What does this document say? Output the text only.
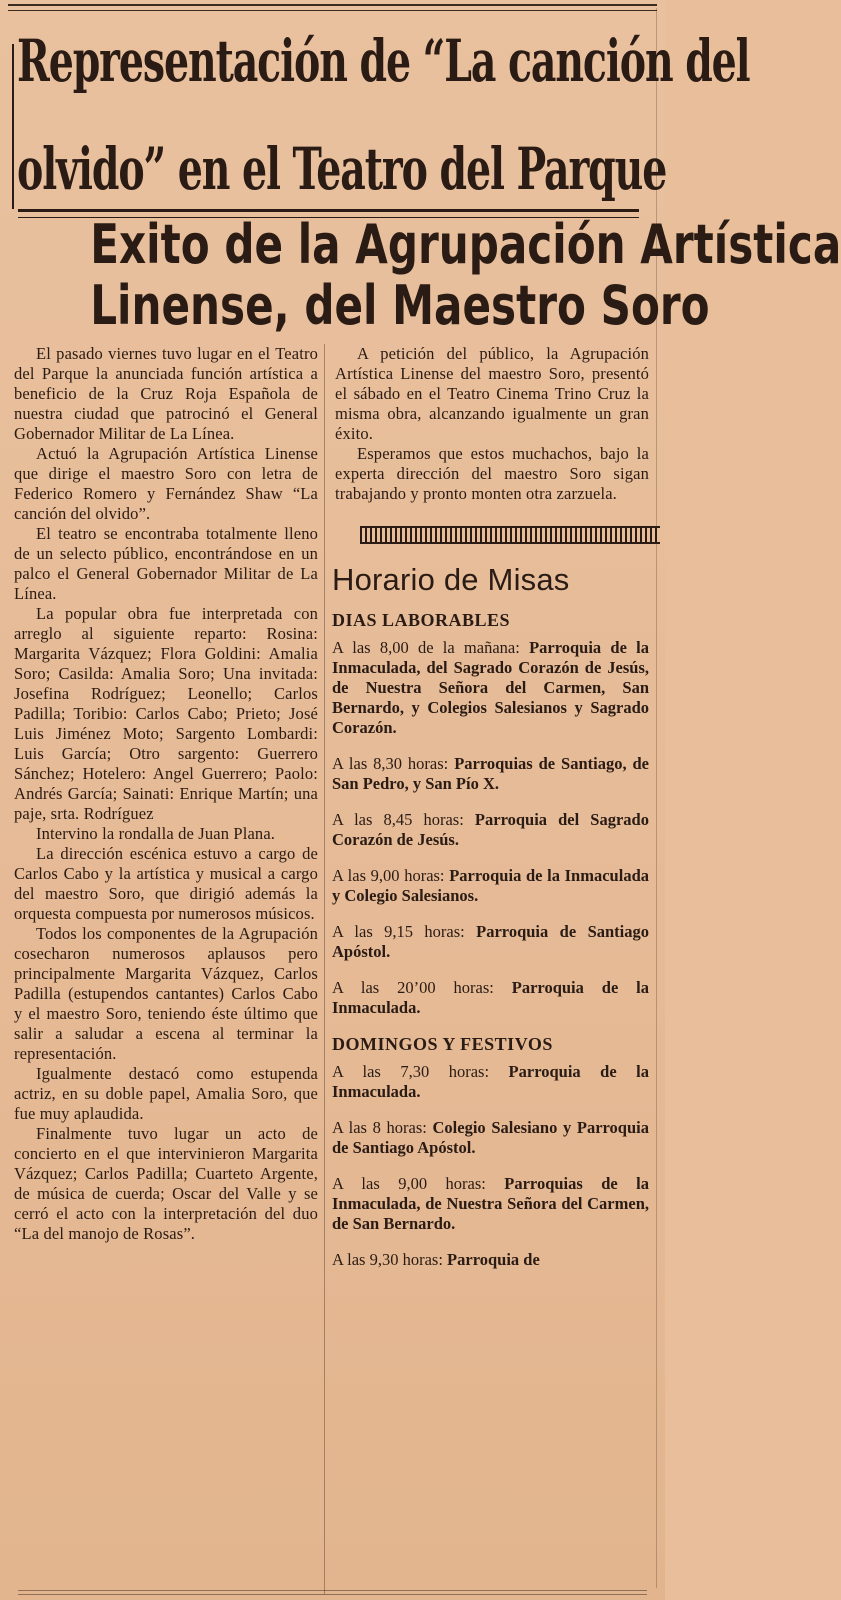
Representación de “La canción del
olvido” en el Teatro del Parque
Exito de la Agrupación Artística
Linense, del Maestro Soro

El pasado viernes tuvo lugar en el Teatro del Parque la anunciada función artística a beneficio de la Cruz Roja Española de nuestra ciudad que patrocinó el General Gobernador Militar de La Línea.

Actuó la Agrupación Artística Linense que dirige el maestro Soro con letra de Federico Romero y Fernández Shaw “La canción del olvido”.

El teatro se encontraba totalmente lleno de un selecto público, encontrándose en un palco el General Gobernador Militar de La Línea.

La popular obra fue interpretada con arreglo al siguiente reparto: Rosina: Margarita Vázquez; Flora Goldini: Amalia Soro; Casilda: Amalia Soro; Una invitada: Josefina Rodríguez; Leonello; Carlos Padilla; Toribio: Carlos Cabo; Prieto; José Luis Jiménez Moto; Sargento Lombardi: Luis García; Otro sargento: Guerrero Sánchez; Hotelero: Angel Guerrero; Paolo: Andrés García; Sainati: Enrique Martín; una paje, srta. Rodríguez

Intervino la rondalla de Juan Plana.

La dirección escénica estuvo a cargo de Carlos Cabo y la artística y musical a cargo del maestro Soro, que dirigió además la orquesta compuesta por numerosos músicos.

Todos los componentes de la Agrupación cosecharon numerosos aplausos pero principalmente Margarita Vázquez, Carlos Padilla (estupendos cantantes) Carlos Cabo y el maestro Soro, teniendo éste último que salir a saludar a escena al terminar la representación.

Igualmente destacó como estupenda actriz, en su doble papel, Amalia Soro, que fue muy aplaudida.

Finalmente tuvo lugar un acto de concierto en el que intervinieron Margarita Vázquez; Carlos Padilla; Cuarteto Argente, de música de cuerda; Oscar del Valle y se cerró el acto con la interpretación del duo “La del manojo de Rosas”.

A petición del público, la Agrupación Artística Linense del maestro Soro, presentó el sábado en el Teatro Cinema Trino Cruz la misma obra, alcanzando igualmente un gran éxito.

Esperamos que estos muchachos, bajo la experta dirección del maestro Soro sigan trabajando y pronto monten otra zarzuela.

Horario de Misas
DIAS LABORABLES
A las 8,00 de la mañana: Parroquia de la Inmaculada, del Sagrado Corazón de Jesús, de Nuestra Señora del Carmen, San Bernardo, y Colegios Salesianos y Sagrado Corazón.
A las 8,30 horas: Parroquias de Santiago, de San Pedro, y San Pío X.
A las 8,45 horas: Parroquia del Sagrado Corazón de Jesús.
A las 9,00 horas: Parroquia de la Inmaculada y Colegio Salesianos.
A las 9,15 horas: Parroquia de Santiago Apóstol.
A las 20’00 horas: Parroquia de la Inmaculada.
DOMINGOS Y FESTIVOS
A las 7,30 horas: Parroquia de la Inmaculada.
A las 8 horas: Colegio Salesiano y Parroquia de Santiago Apóstol.
A las 9,00 horas: Parroquias de la Inmaculada, de Nuestra Señora del Carmen, de San Bernardo.
A las 9,30 horas: Parroquia de
